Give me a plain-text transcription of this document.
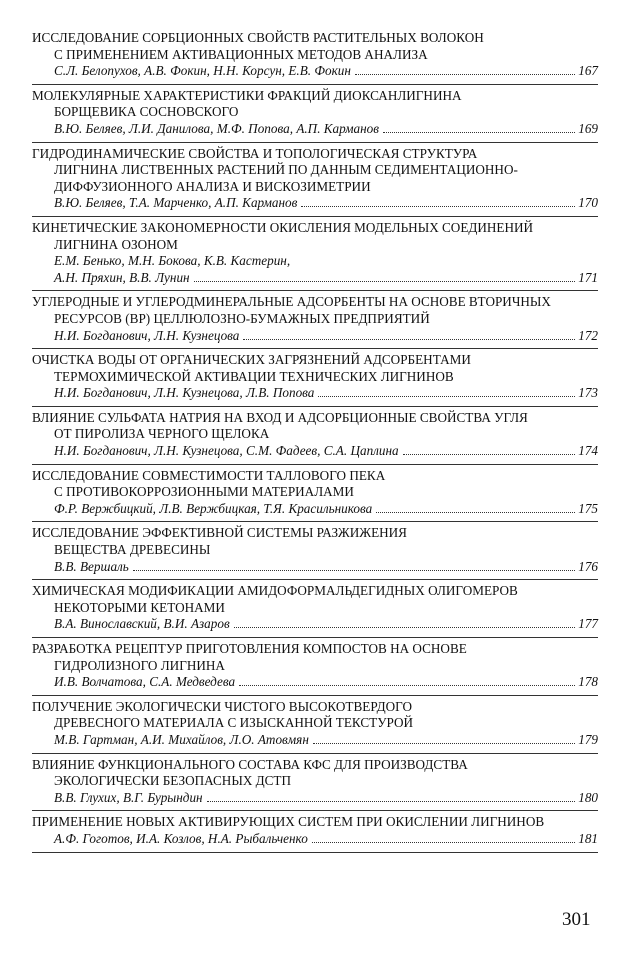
ИССЛЕДОВАНИЕ СОРБЦИОННЫХ СВОЙСТВ РАСТИТЕЛЬНЫХ ВОЛОКОН
С ПРИМЕНЕНИЕМ АКТИВАЦИОННЫХ МЕТОДОВ АНАЛИЗА
С.Л. Белопухов, А.В. Фокин, Н.Н. Корсун, Е.В. Фокин	167
МОЛЕКУЛЯРНЫЕ ХАРАКТЕРИСТИКИ ФРАКЦИЙ ДИОКСАНЛИГНИНА
БОРЩЕВИКА СОСНОВСКОГО
В.Ю. Беляев, Л.И. Данилова, М.Ф. Попова, А.П. Карманов	169
ГИДРОДИНАМИЧЕСКИЕ СВОЙСТВА И ТОПОЛОГИЧЕСКАЯ СТРУКТУРА
ЛИГНИНА ЛИСТВЕННЫХ РАСТЕНИЙ ПО ДАННЫМ СЕДИМЕНТАЦИОННО-
ДИФФУЗИОННОГО АНАЛИЗА И ВИСКОЗИМЕТРИИ
В.Ю. Беляев, Т.А. Марченко, А.П. Карманов	170
КИНЕТИЧЕСКИЕ ЗАКОНОМЕРНОСТИ ОКИСЛЕНИЯ МОДЕЛЬНЫХ СОЕДИНЕНИЙ
ЛИГНИНА ОЗОНОМ
Е.М. Бенько, М.Н. Бокова, К.В. Кастерин,
А.Н. Пряхин, В.В. Лунин	171
УГЛЕРОДНЫЕ И УГЛЕРОДМИНЕРАЛЬНЫЕ АДСОРБЕНТЫ НА ОСНОВЕ ВТОРИЧНЫХ
РЕСУРСОВ (ВР) ЦЕЛЛЮЛОЗНО-БУМАЖНЫХ ПРЕДПРИЯТИЙ
Н.И. Богданович, Л.Н. Кузнецова	172
ОЧИСТКА ВОДЫ ОТ ОРГАНИЧЕСКИХ ЗАГРЯЗНЕНИЙ АДСОРБЕНТАМИ
ТЕРМОХИМИЧЕСКОЙ АКТИВАЦИИ ТЕХНИЧЕСКИХ ЛИГНИНОВ
Н.И. Богданович, Л.Н. Кузнецова, Л.В. Попова	173
ВЛИЯНИЕ СУЛЬФАТА НАТРИЯ НА ВХОД И АДСОРБЦИОННЫЕ СВОЙСТВА УГЛЯ
ОТ ПИРОЛИЗА ЧЕРНОГО ЩЕЛОКА
Н.И. Богданович, Л.Н. Кузнецова, С.М. Фадеев, С.А. Цаплина	174
ИССЛЕДОВАНИЕ СОВМЕСТИМОСТИ ТАЛЛОВОГО ПЕКА
С ПРОТИВОКОРРОЗИОННЫМИ МАТЕРИАЛАМИ
Ф.Р. Вержбицкий, Л.В. Вержбицкая, Т.Я. Красильникова	175
ИССЛЕДОВАНИЕ ЭФФЕКТИВНОЙ СИСТЕМЫ РАЗЖИЖЕНИЯ
ВЕЩЕСТВА ДРЕВЕСИНЫ
В.В. Вершаль	176
ХИМИЧЕСКАЯ МОДИФИКАЦИИ АМИДОФОРМАЛЬДЕГИДНЫХ ОЛИГОМЕРОВ
НЕКОТОРЫМИ КЕТОНАМИ
В.А. Винославский, В.И. Азаров	177
РАЗРАБОТКА РЕЦЕПТУР ПРИГОТОВЛЕНИЯ КОМПОСТОВ НА ОСНОВЕ
ГИДРОЛИЗНОГО ЛИГНИНА
И.В. Волчатова, С.А. Медведева	178
ПОЛУЧЕНИЕ ЭКОЛОГИЧЕСКИ ЧИСТОГО ВЫСОКОТВЕРДОГО
ДРЕВЕСНОГО МАТЕРИАЛА С ИЗЫСКАННОЙ ТЕКСТУРОЙ
М.В. Гартман, А.И. Михайлов, Л.О. Атовмян	179
ВЛИЯНИЕ ФУНКЦИОНАЛЬНОГО СОСТАВА КФС ДЛЯ ПРОИЗВОДСТВА
ЭКОЛОГИЧЕСКИ БЕЗОПАСНЫХ ДСТП
В.В. Глухих, В.Г. Бурындин	180
ПРИМЕНЕНИЕ НОВЫХ АКТИВИРУЮЩИХ СИСТЕМ ПРИ ОКИСЛЕНИИ ЛИГНИНОВ
А.Ф. Гоготов, И.А. Козлов, Н.А. Рыбальченко	181
301
